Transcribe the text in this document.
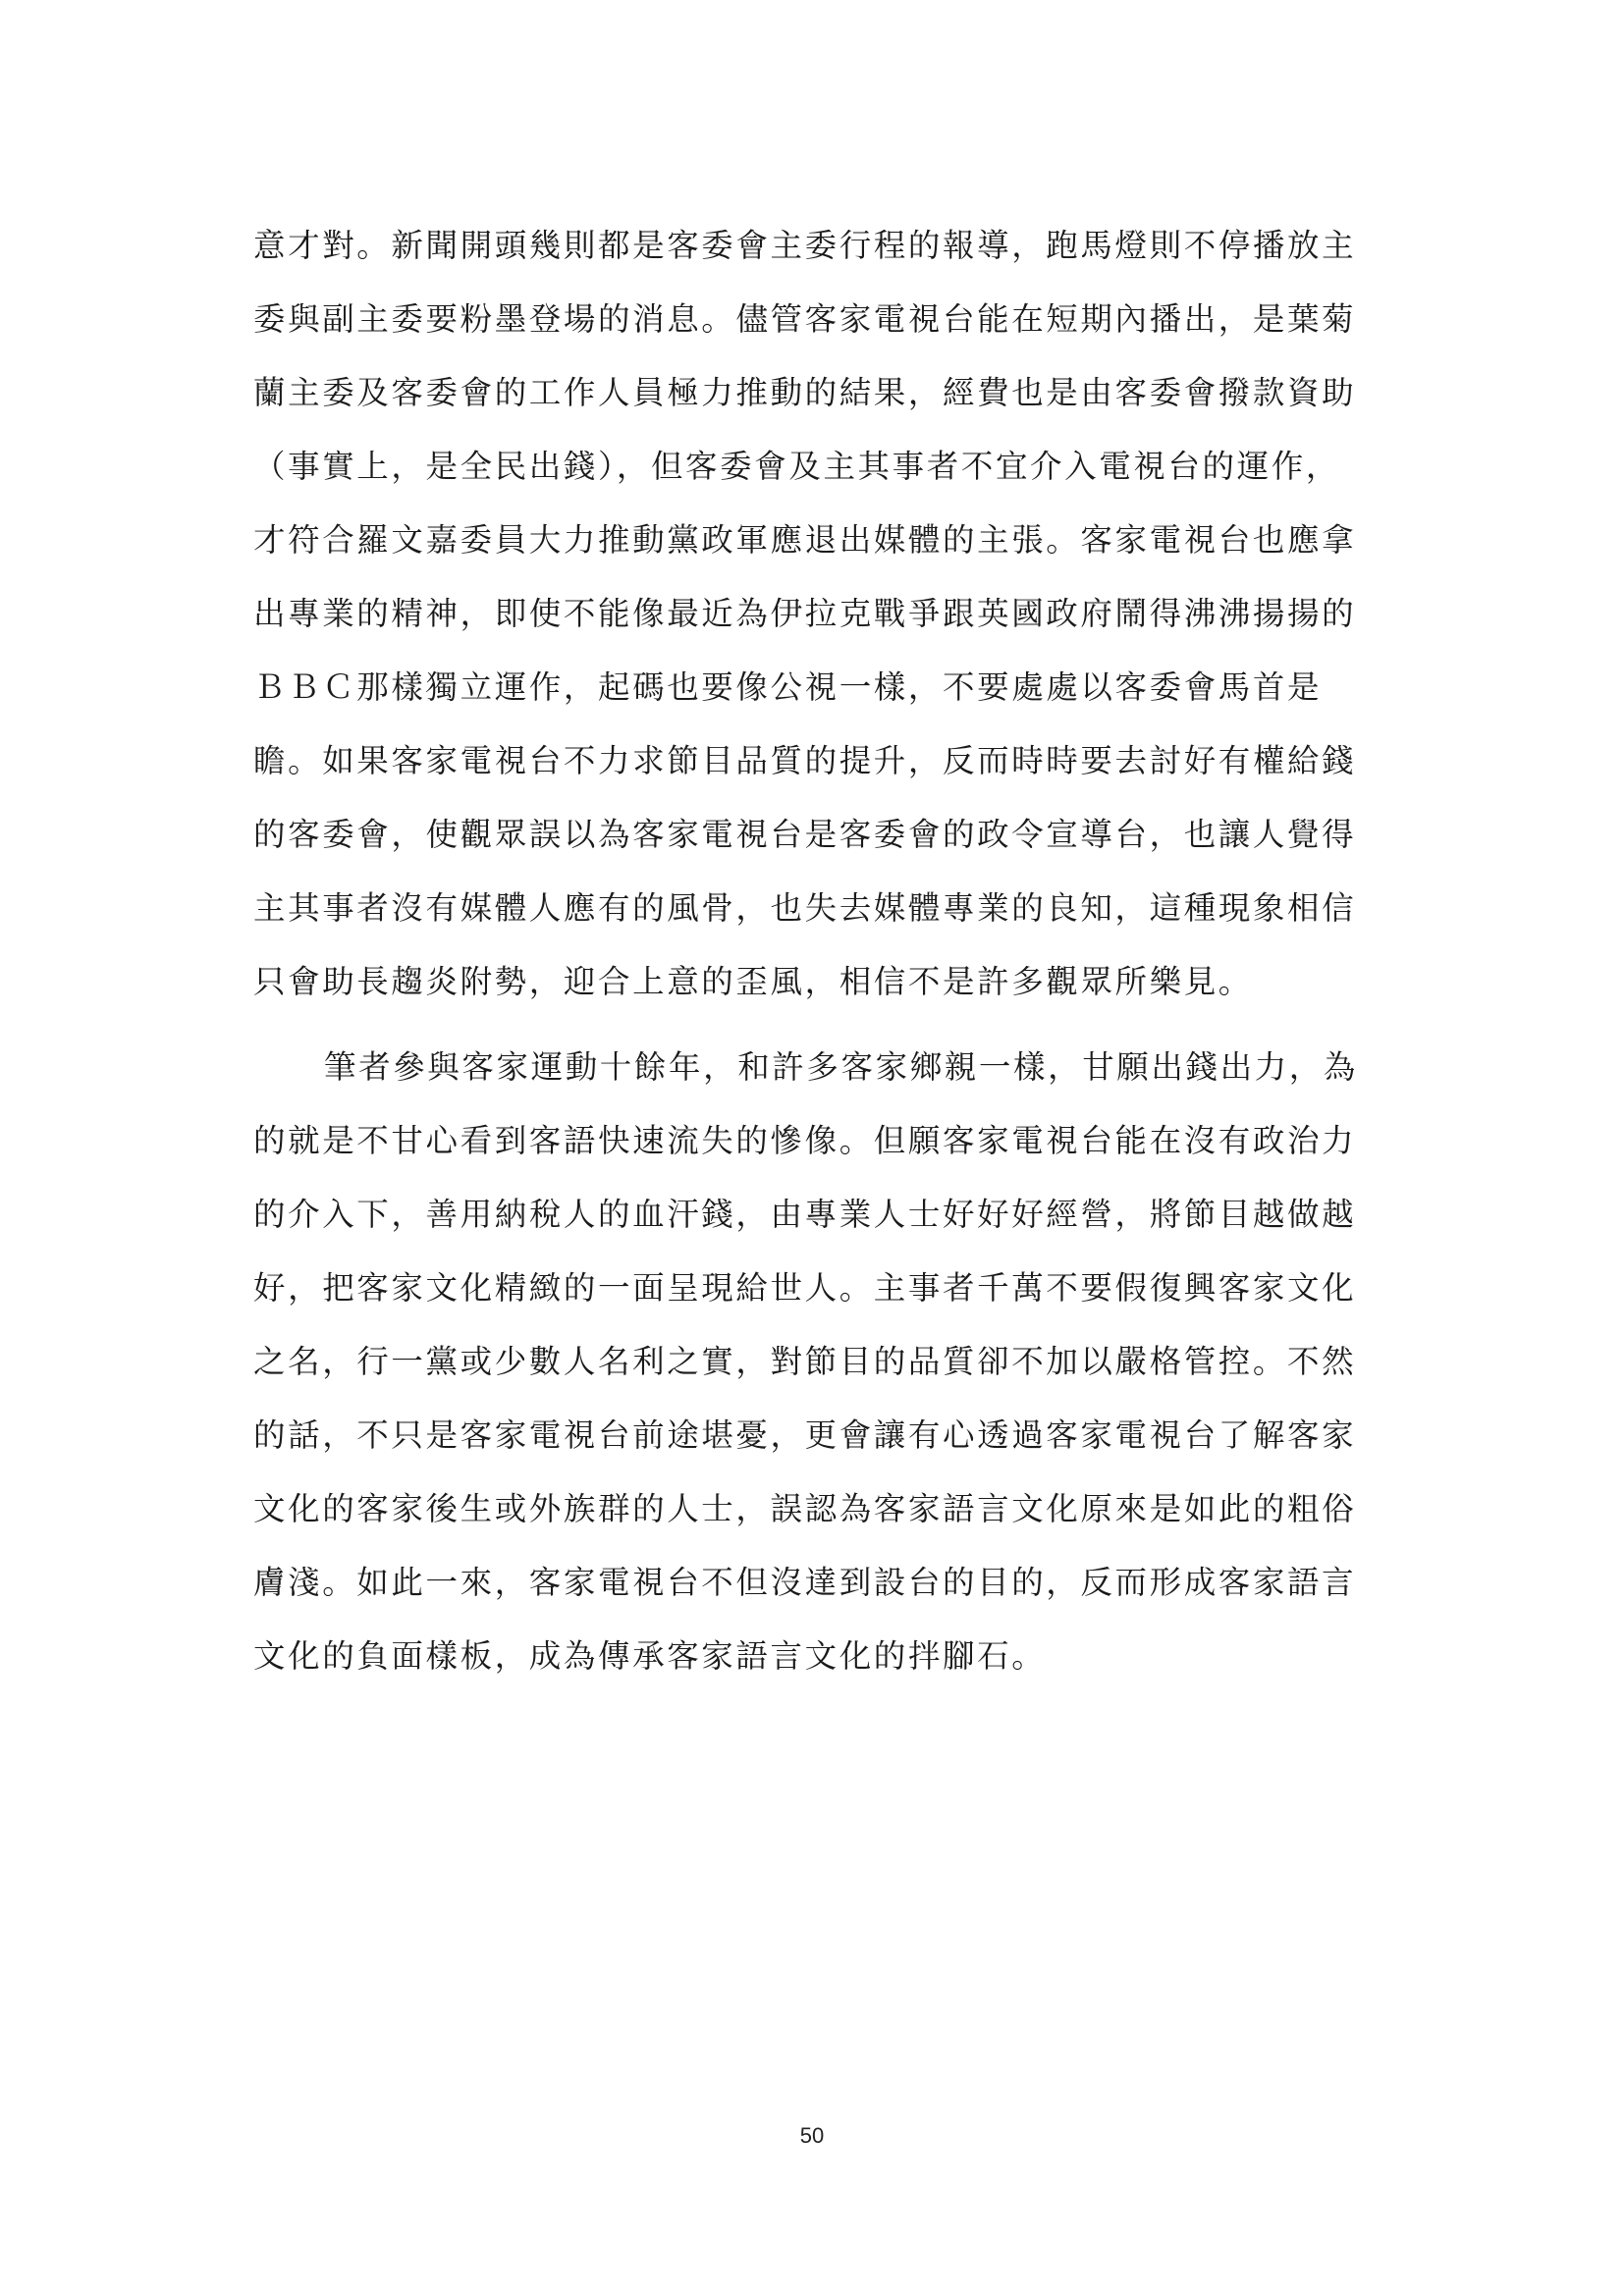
意才對。新聞開頭幾則都是客委會主委行程的報導，跑馬燈則不停播放主
委與副主委要粉墨登場的消息。儘管客家電視台能在短期內播出，是葉菊
蘭主委及客委會的工作人員極力推動的結果，經費也是由客委會撥款資助
（事實上，是全民出錢），但客委會及主其事者不宜介入電視台的運作，
才符合羅文嘉委員大力推動黨政軍應退出媒體的主張。客家電視台也應拿
出專業的精神，即使不能像最近為伊拉克戰爭跟英國政府鬧得沸沸揚揚的
ＢＢＣ那樣獨立運作，起碼也要像公視一樣，不要處處以客委會馬首是
瞻。如果客家電視台不力求節目品質的提升，反而時時要去討好有權給錢
的客委會，使觀眾誤以為客家電視台是客委會的政令宣導台，也讓人覺得
主其事者沒有媒體人應有的風骨，也失去媒體專業的良知，這種現象相信
只會助長趨炎附勢，迎合上意的歪風，相信不是許多觀眾所樂見。
筆者參與客家運動十餘年，和許多客家鄉親一樣，甘願出錢出力，為
的就是不甘心看到客語快速流失的慘像。但願客家電視台能在沒有政治力
的介入下，善用納稅人的血汗錢，由專業人士好好好經營，將節目越做越
好，把客家文化精緻的一面呈現給世人。主事者千萬不要假復興客家文化
之名，行一黨或少數人名利之實，對節目的品質卻不加以嚴格管控。不然
的話，不只是客家電視台前途堪憂，更會讓有心透過客家電視台了解客家
文化的客家後生或外族群的人士，誤認為客家語言文化原來是如此的粗俗
膚淺。如此一來，客家電視台不但沒達到設台的目的，反而形成客家語言
文化的負面樣板，成為傳承客家語言文化的拌腳石。
50
